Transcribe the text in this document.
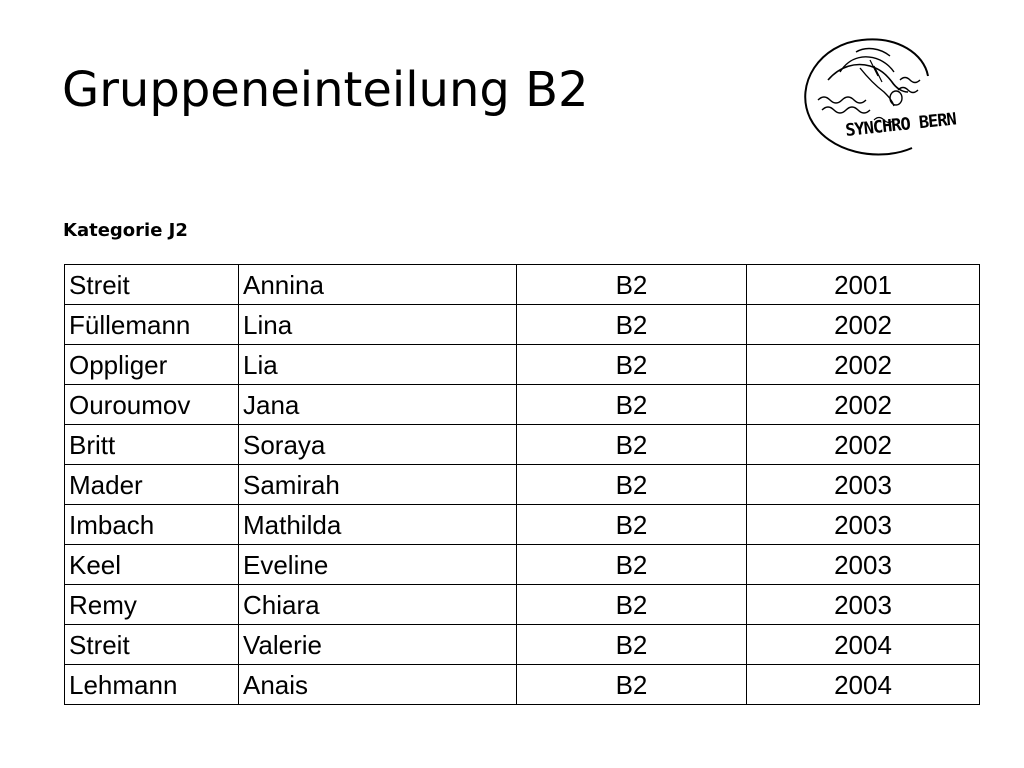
Gruppeneinteilung B2
SYNCHRO BERN
Kategorie J2
Streit	Annina	B2	2001
Füllemann	Lina	B2	2002
Oppliger	Lia	B2	2002
Ouroumov	Jana	B2	2002
Britt	Soraya	B2	2002
Mader	Samirah	B2	2003
Imbach	Mathilda	B2	2003
Keel	Eveline	B2	2003
Remy	Chiara	B2	2003
Streit	Valerie	B2	2004
Lehmann	Anais	B2	2004
